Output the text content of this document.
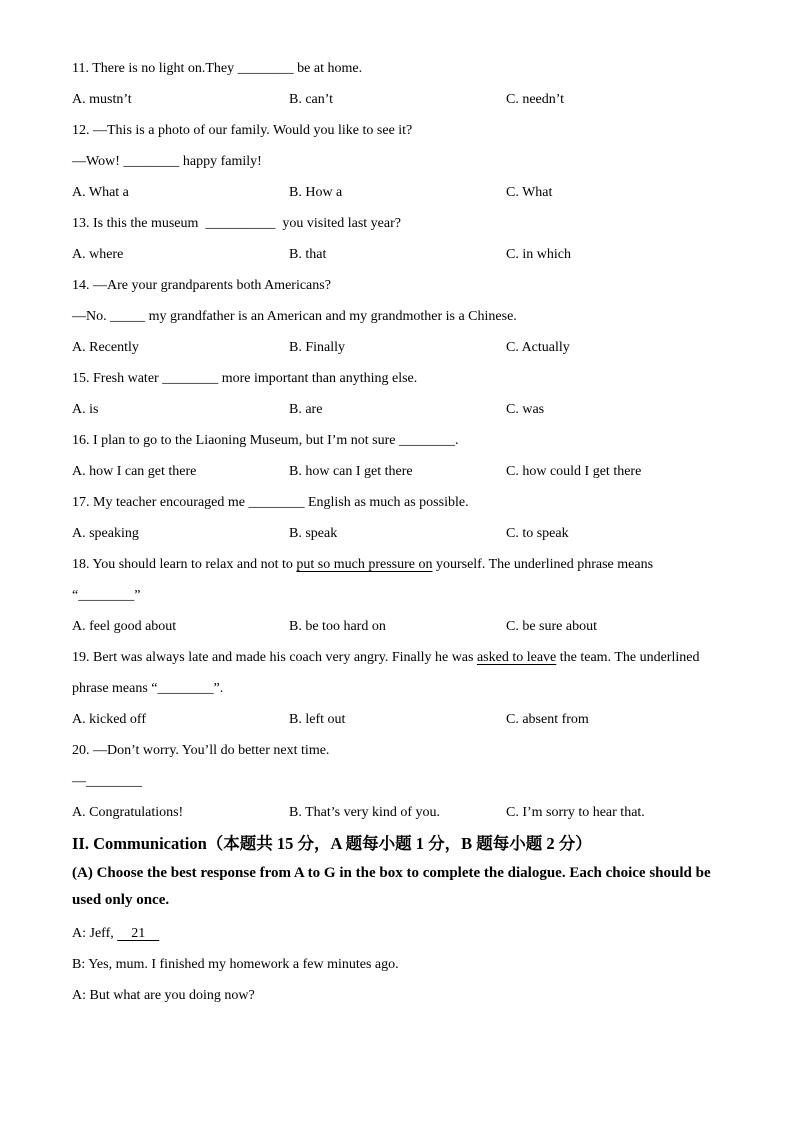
11. There is no light on.They ________ be at home.
A. mustn’t	B. can’t	C. needn’t
12. —This is a photo of our family. Would you like to see it?
—Wow! ________ happy family!
A. What a	B. How a	C. What
13. Is this the museum  __________  you visited last year?
A. where	B. that	C. in which
14. —Are your grandparents both Americans?
—No. _____ my grandfather is an American and my grandmother is a Chinese.
A. Recently	B. Finally	C. Actually
15. Fresh water ________ more important than anything else.
A. is	B. are	C. was
16. I plan to go to the Liaoning Museum, but I’m not sure ________.
A. how I can get there	B. how can I get there	C. how could I get there
17. My teacher encouraged me ________ English as much as possible.
A. speaking	B. speak	C. to speak
18. You should learn to relax and not to put so much pressure on yourself. The underlined phrase means
“________”
A. feel good about	B. be too hard on	C. be sure about
19. Bert was always late and made his coach very angry. Finally he was asked to leave the team. The underlined
phrase means “________”.
A. kicked off	B. left out	C. absent from
20. —Don’t worry. You’ll do better next time.
—________
A. Congratulations!	B. That’s very kind of you.	C. I’m sorry to hear that.
II. Communication（本题共 15 分，A 题每小题 1 分，B 题每小题 2 分）
(A) Choose the best response from A to G in the box to complete the dialogue. Each choice should be used only once.
A: Jeff,     21
B: Yes, mum. I finished my homework a few minutes ago.
A: But what are you doing now?
